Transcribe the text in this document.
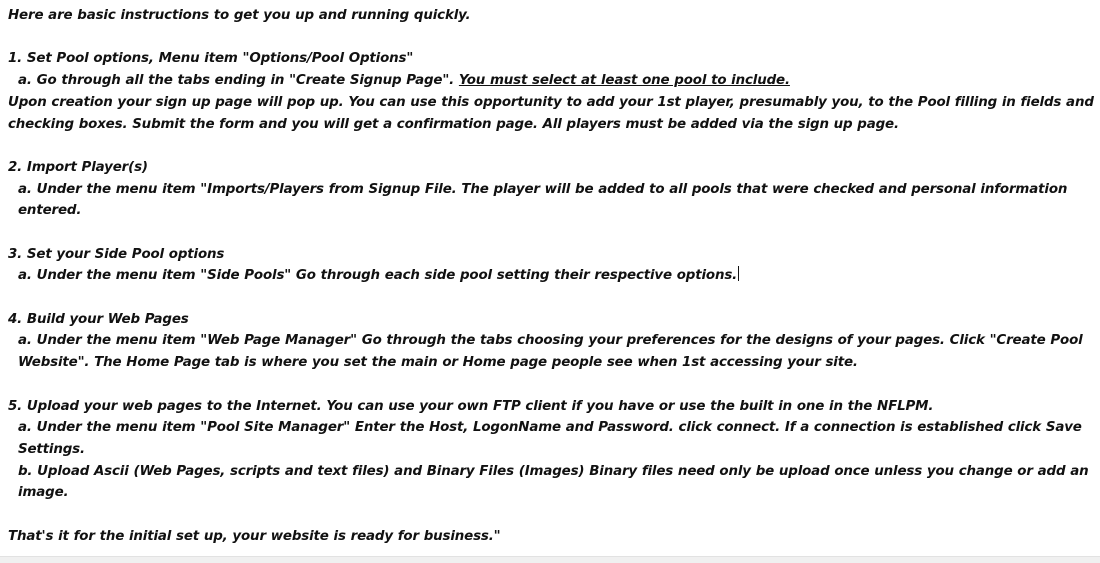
Here are basic instructions to get you up and running quickly.

1. Set Pool options, Menu item "Options/Pool Options"

a. Go through all the tabs ending in "Create Signup Page". You must select at least one pool to include.

Upon creation your sign up page will pop up. You can use this opportunity to add your 1st player, presumably you, to the Pool filling in fields and checking boxes. Submit the form and you will get a confirmation page. All players must be added via the sign up page.

2. Import Player(s)

a. Under the menu item "Imports/Players from Signup File. The player will be added to all pools that were checked and personal information entered.

3. Set your Side Pool options

a. Under the menu item "Side Pools" Go through each side pool setting their respective options.

4. Build your Web Pages

a. Under the menu item "Web Page Manager" Go through the tabs choosing your preferences for the designs of your pages. Click "Create Pool Website". The Home Page tab is where you set the main or Home page people see when 1st accessing your site.

5. Upload your web pages to the Internet. You can use your own FTP client if you have or use the built in one in the NFLPM.

a. Under the menu item "Pool Site Manager" Enter the Host, LogonName and Password. click connect. If a connection is established click Save Settings.

b. Upload Ascii (Web Pages, scripts and text files) and Binary Files (Images) Binary files need only be upload once unless you change or add an image.

That's it for the initial set up, your website is ready for business."
